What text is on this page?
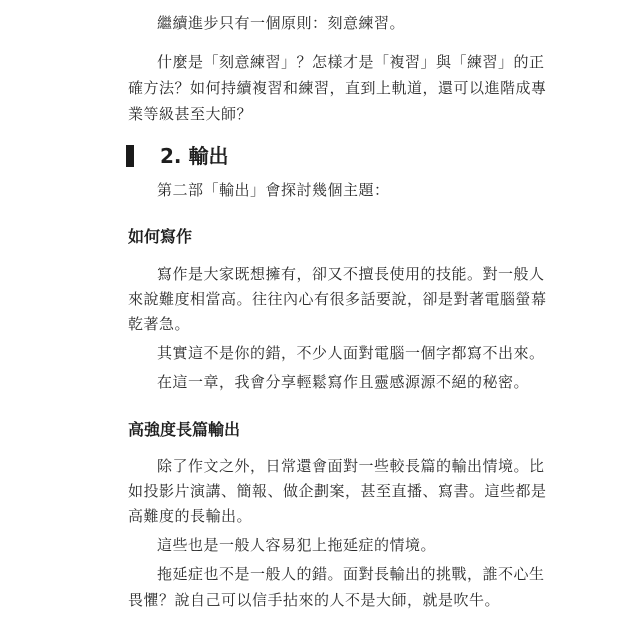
繼續進步只有一個原則：刻意練習。

什麼是「刻意練習」？怎樣才是「複習」與「練習」的正

確方法？如何持續複習和練習，直到上軌道，還可以進階成專

業等級甚至大師？

2. 輸出

第二部「輸出」會探討幾個主題：

如何寫作

寫作是大家既想擁有，卻又不擅長使用的技能。對一般人

來說難度相當高。往往內心有很多話要說，卻是對著電腦螢幕

乾著急。

其實這不是你的錯，不少人面對電腦一個字都寫不出來。

在這一章，我會分享輕鬆寫作且靈感源源不絕的秘密。

高強度長篇輸出

除了作文之外，日常還會面對一些較長篇的輸出情境。比

如投影片演講、簡報、做企劃案，甚至直播、寫書。這些都是

高難度的長輸出。

這些也是一般人容易犯上拖延症的情境。

拖延症也不是一般人的錯。面對長輸出的挑戰，誰不心生

畏懼？說自己可以信手拈來的人不是大師，就是吹牛。
